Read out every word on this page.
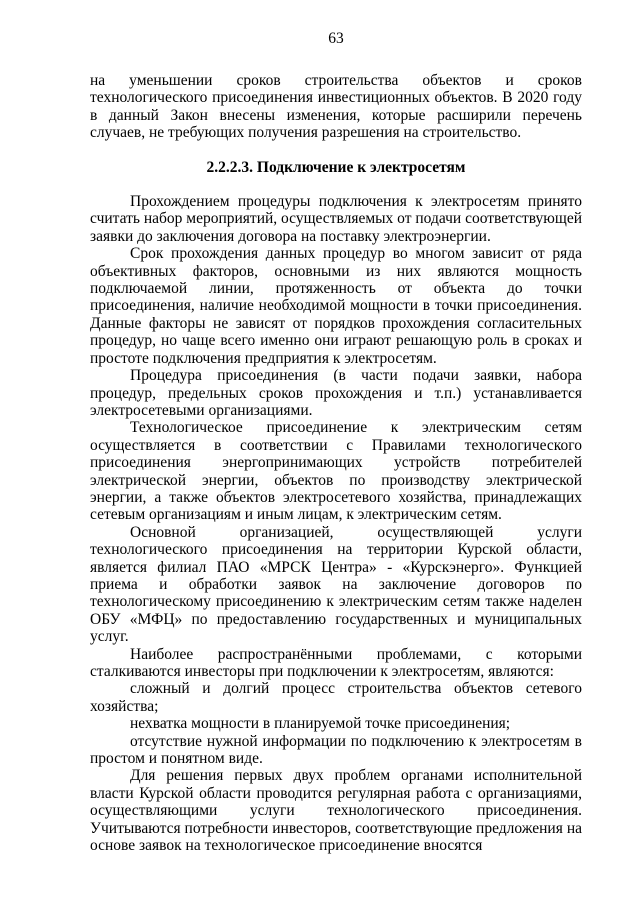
63

на уменьшении сроков строительства объектов и сроков технологического присоединения инвестиционных объектов. В 2020 году в данный Закон внесены изменения, которые расширили перечень случаев, не требующих получения разрешения на строительство.

2.2.2.3. Подключение к электросетям

Прохождением процедуры подключения к электросетям принято считать набор мероприятий, осуществляемых от подачи соответствующей заявки до заключения договора на поставку электроэнергии.

Срок прохождения данных процедур во многом зависит от ряда объективных факторов, основными из них являются мощность подключаемой линии, протяженность от объекта до точки присоединения, наличие необходимой мощности в точки присоединения. Данные факторы не зависят от порядков прохождения согласительных процедур, но чаще всего именно они играют решающую роль в сроках и простоте подключения предприятия к электросетям.

Процедура присоединения (в части подачи заявки, набора процедур, предельных сроков прохождения и т.п.) устанавливается электросетевыми организациями.

Технологическое присоединение к электрическим сетям осуществляется в соответствии с Правилами технологического присоединения энергопринимающих устройств потребителей электрической энергии, объектов по производству электрической энергии, а также объектов электросетевого хозяйства, принадлежащих сетевым организациям и иным лицам, к электрическим сетям.

Основной организацией, осуществляющей услуги технологического присоединения на территории Курской области, является филиал ПАО «МРСК Центра» - «Курскэнерго». Функцией приема и обработки заявок на заключение договоров по технологическому присоединению к электрическим сетям также наделен ОБУ «МФЦ» по предоставлению государственных и муниципальных услуг.

Наиболее распространёнными проблемами, с которыми сталкиваются инвесторы при подключении к электросетям, являются:

сложный и долгий процесс строительства объектов сетевого хозяйства;

нехватка мощности в планируемой точке присоединения;

отсутствие нужной информации по подключению к электросетям в простом и понятном виде.

Для решения первых двух проблем органами исполнительной власти Курской области проводится регулярная работа с организациями, осуществляющими услуги технологического присоединения. Учитываются потребности инвесторов, соответствующие предложения на основе заявок на технологическое присоединение вносятся
